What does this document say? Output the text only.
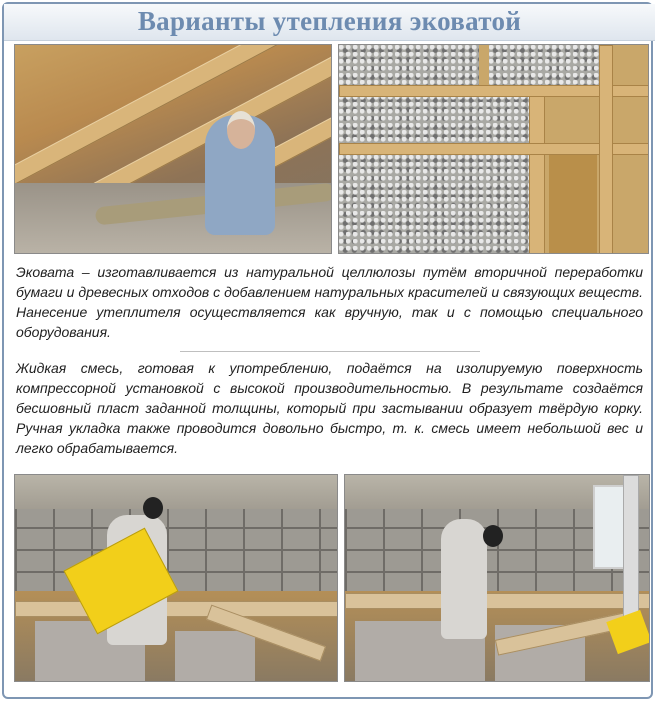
Варианты утепления эковатой
Эковата – изготавливается из натуральной целлюлозы путём вторичной переработки бумаги и древесных отходов с добавлением натуральных красителей и связующих веществ. Нанесение утеплителя осуществляется как вручную, так и с помощью специального оборудования.
Жидкая смесь, готовая к употреблению, подаётся на изолируемую поверхность компрессорной установкой с высокой производительностью. В результате создаётся бесшовный пласт заданной толщины, который при застывании образует твёрдую корку. Ручная укладка также проводится довольно быстро, т. к. смесь имеет небольшой вес и легко обрабатывается.
